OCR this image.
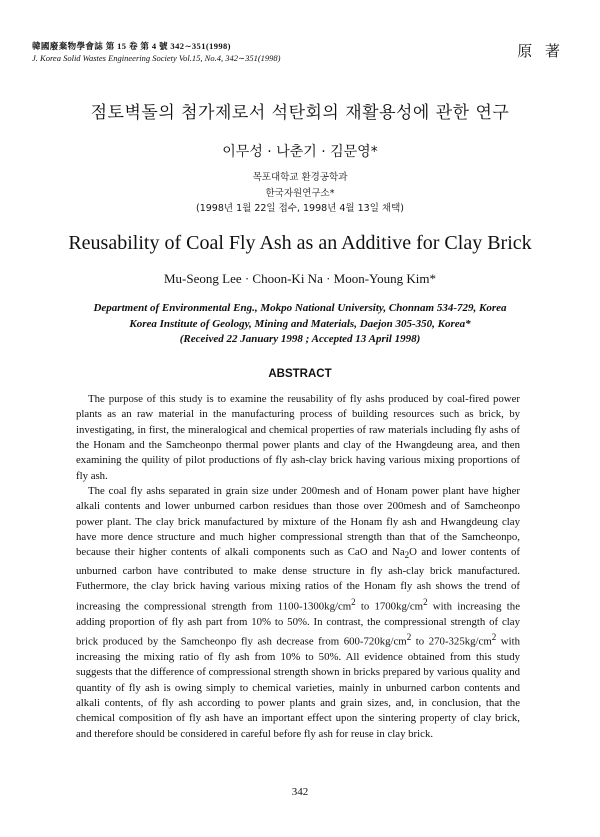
韓國廢棄物學會誌 第 15 卷 第 4 號 342∼351(1998)
J. Korea Solid Wastes Engineering Society Vol.15, No.4, 342∼351(1998)	原 著
점토벽돌의 첨가제로서 석탄회의 재활용성에 관한 연구
이무성 · 나춘기 · 김문영*
목포대학교 환경공학과
한국자원연구소*
(1998년 1월 22일 접수, 1998년 4월 13일 채택)
Reusability of Coal Fly Ash as an Additive for Clay Brick
Mu-Seong Lee · Choon-Ki Na · Moon-Young Kim*
Department of Environmental Eng., Mokpo National University, Chonnam 534-729, Korea
Korea Institute of Geology, Mining and Materials, Daejon 305-350, Korea*
(Received 22 January 1998 ; Accepted 13 April 1998)
ABSTRACT

The purpose of this study is to examine the reusability of fly ashs produced by coal-fired power plants as an raw material in the manufacturing process of building resources such as brick, by investigating, in first, the mineralogical and chemical properties of raw materials including fly ashs of the Honam and the Samcheonpo thermal power plants and clay of the Hwangdeung area, and then examining the quility of pilot productions of fly ash-clay brick having various mixing proportions of fly ash.

The coal fly ashs separated in grain size under 200mesh and of Honam power plant have higher alkali contents and lower unburned carbon residues than those over 200mesh and of Samcheonpo power plant. The clay brick manufactured by mixture of the Honam fly ash and Hwangdeung clay have more dence structure and much higher compressional strength than that of the Samcheonpo, because their higher contents of alkali components such as CaO and $Na_2O$ and lower contents of unburned carbon have contributed to make dense structure in fly ash-clay brick manufactured. Futhermore, the clay brick having various mixing ratios of the Honam fly ash shows the trend of increasing the compressional strength from $1100-1300kg/cm^2$ to $1700kg/cm^2$ with increasing the adding proportion of fly ash part from 10% to 50%. In contrast, the compressional strength of clay brick produced by the Samcheonpo fly ash decrease from $600-720kg/cm^2$ to $270-325kg/cm^2$ with increasing the mixing ratio of fly ash from 10% to 50%. All evidence obtained from this study suggests that the difference of compressional strength shown in bricks prepared by various quality and quantity of fly ash is owing simply to chemical varieties, mainly in unburned carbon contents and alkali contents, of fly ash according to power plants and grain sizes, and, in conclusion, that the chemical composition of fly ash have an important effect upon the sintering property of clay brick, and therefore should be considered in careful before fly ash for reuse in clay brick.

342
